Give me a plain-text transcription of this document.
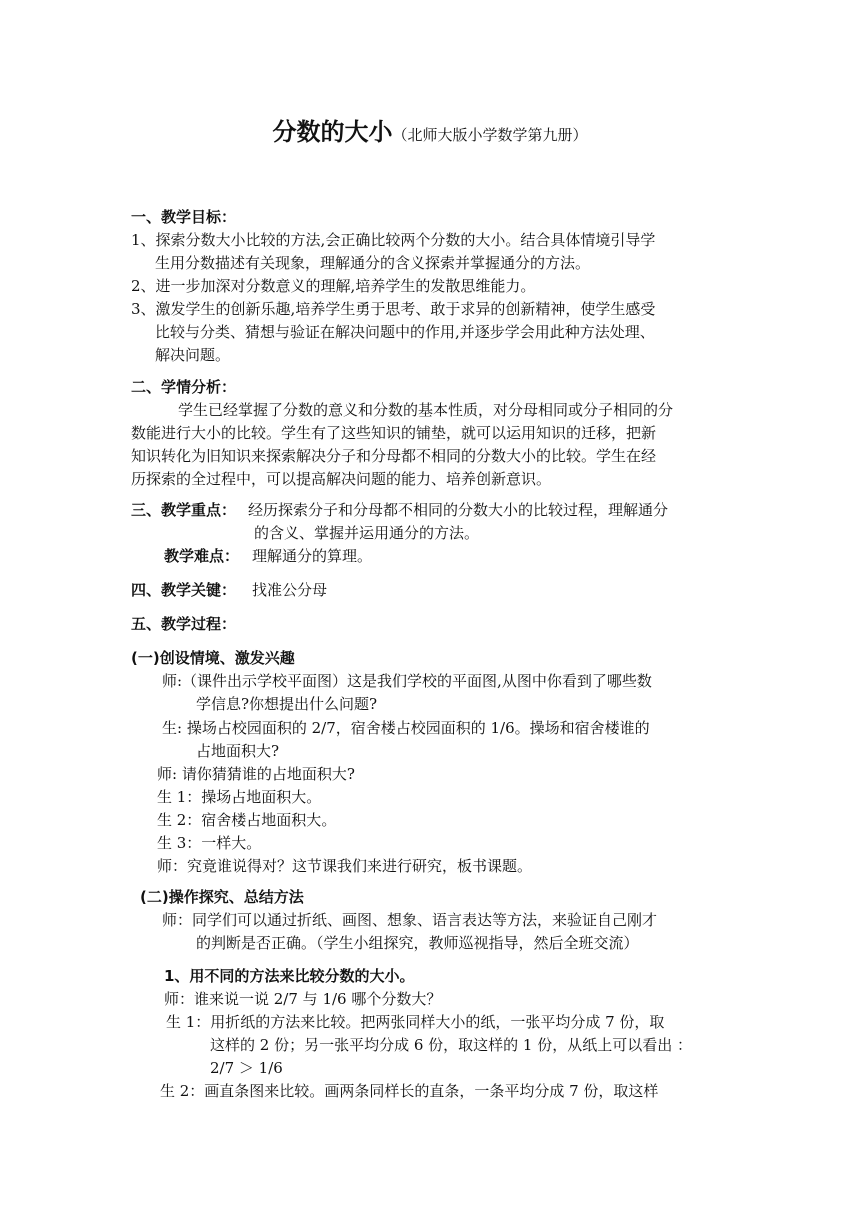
分数的大小（北师大版小学数学第九册）
一、教学目标：
1、探索分数大小比较的方法,会正确比较两个分数的大小。结合具体情境引导学
生用分数描述有关现象，理解通分的含义探索并掌握通分的方法。
2、进一步加深对分数意义的理解,培养学生的发散思维能力。
3、激发学生的创新乐趣,培养学生勇于思考、敢于求异的创新精神，使学生感受
比较与分类、猜想与验证在解决问题中的作用,并逐步学会用此种方法处理、
解决问题。
二、学情分析：
学生已经掌握了分数的意义和分数的基本性质，对分母相同或分子相同的分
数能进行大小的比较。学生有了这些知识的铺垫，就可以运用知识的迁移，把新
知识转化为旧知识来探索解决分子和分母都不相同的分数大小的比较。学生在经
历探索的全过程中，可以提高解决问题的能力、培养创新意识。
三、教学重点： 经历探索分子和分母都不相同的分数大小的比较过程，理解通分
的含义、掌握并运用通分的方法。
教学难点： 理解通分的算理。
四、教学关键： 找准公分母
五、教学过程：
(一)创设情境、激发兴趣
师:（课件出示学校平面图）这是我们学校的平面图,从图中你看到了哪些数
学信息?你想提出什么问题?
生: 操场占校园面积的 2/7，宿舍楼占校园面积的 1/6。操场和宿舍楼谁的
占地面积大?
师: 请你猜猜谁的占地面积大?
生 1：操场占地面积大。
生 2：宿舍楼占地面积大。
生 3：一样大。
师：究竟谁说得对？这节课我们来进行研究，板书课题。
(二)操作探究、总结方法
师：同学们可以通过折纸、画图、想象、语言表达等方法，来验证自己刚才
的判断是否正确。（学生小组探究，教师巡视指导，然后全班交流）
1、用不同的方法来比较分数的大小。
师：谁来说一说 2/7 与 1/6 哪个分数大？
生 1：用折纸的方法来比较。把两张同样大小的纸，一张平均分成 7 份，取
这样的 2 份；另一张平均分成 6 份，取这样的 1 份，从纸上可以看出 ：
2/7 ＞ 1/6
生 2：画直条图来比较。画两条同样长的直条，一条平均分成 7 份，取这样
